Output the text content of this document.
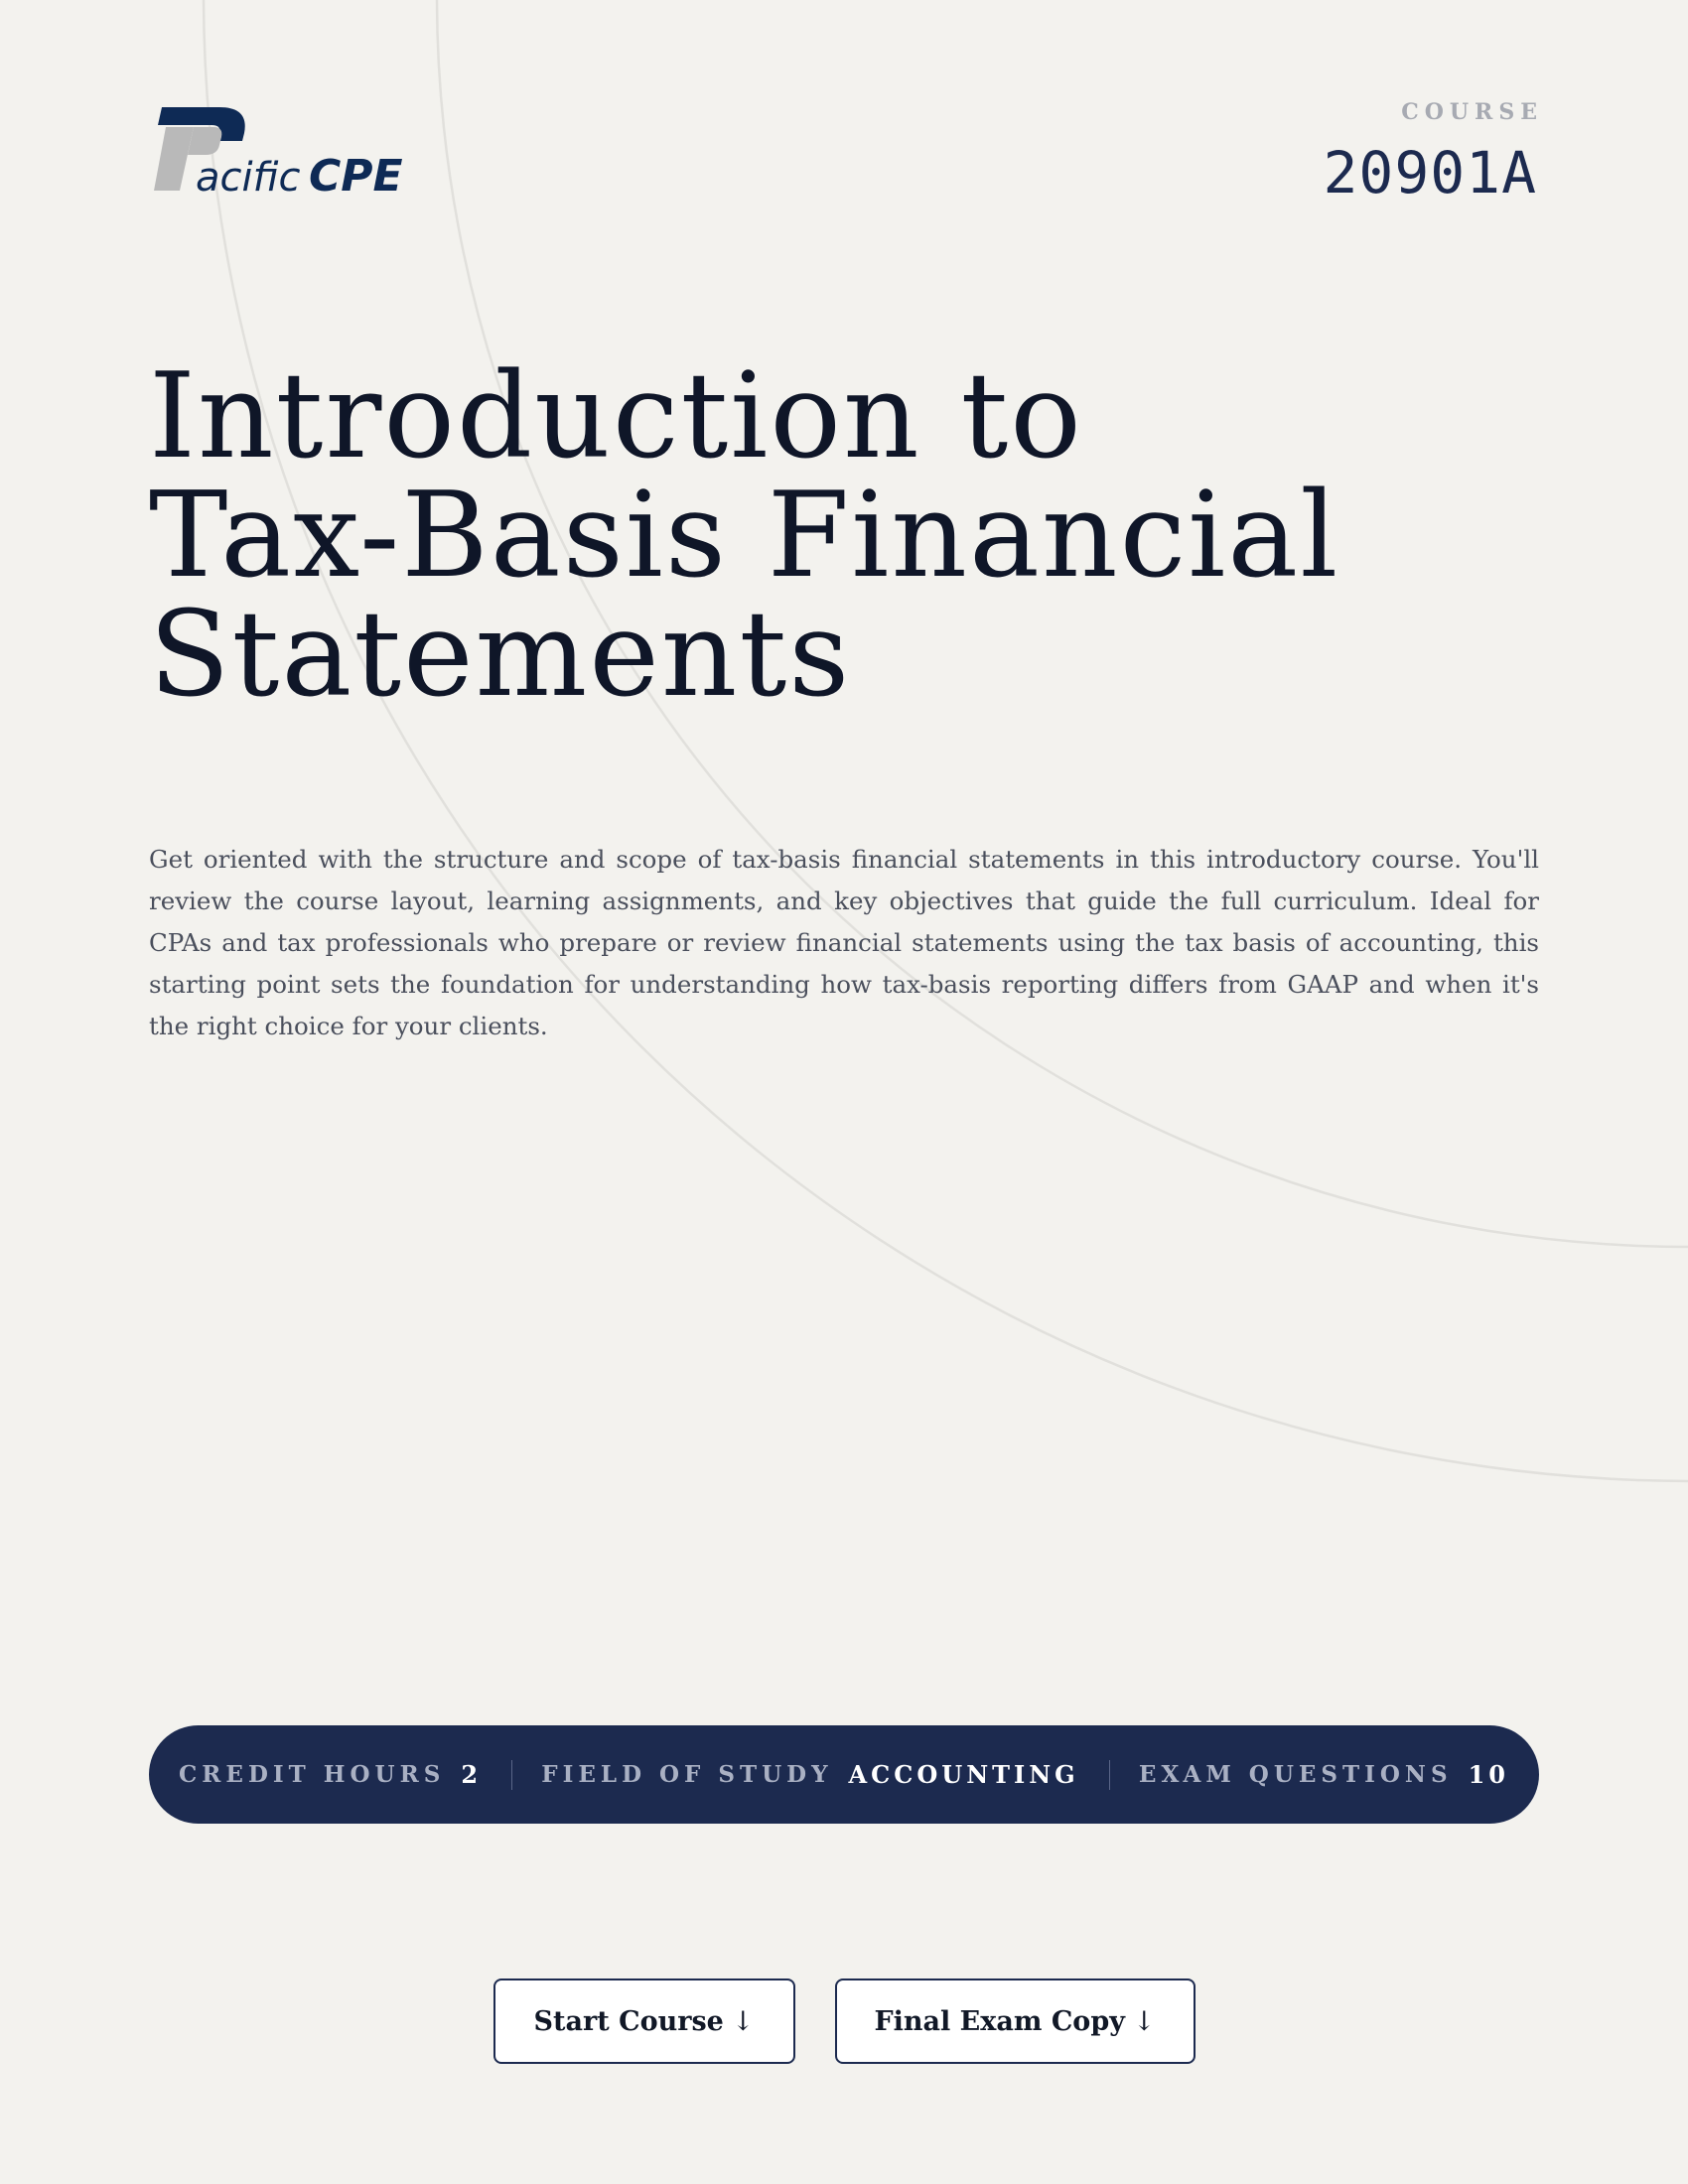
acific CPE
COURSE
20901A
Introduction to
Tax-Basis Financial
Statements

Get oriented with the structure and scope of tax-basis financial statements in this introductory course. You'll review the course layout, learning assignments, and key objectives that guide the full curriculum. Ideal for CPAs and tax professionals who prepare or review financial statements using the tax basis of accounting, this starting point sets the foundation for understanding how tax-basis reporting differs from GAAP and when it's the right choice for your clients.

CREDIT HOURS 2	FIELD OF STUDY ACCOUNTING	EXAM QUESTIONS 10
Start Course ↓	Final Exam Copy ↓
